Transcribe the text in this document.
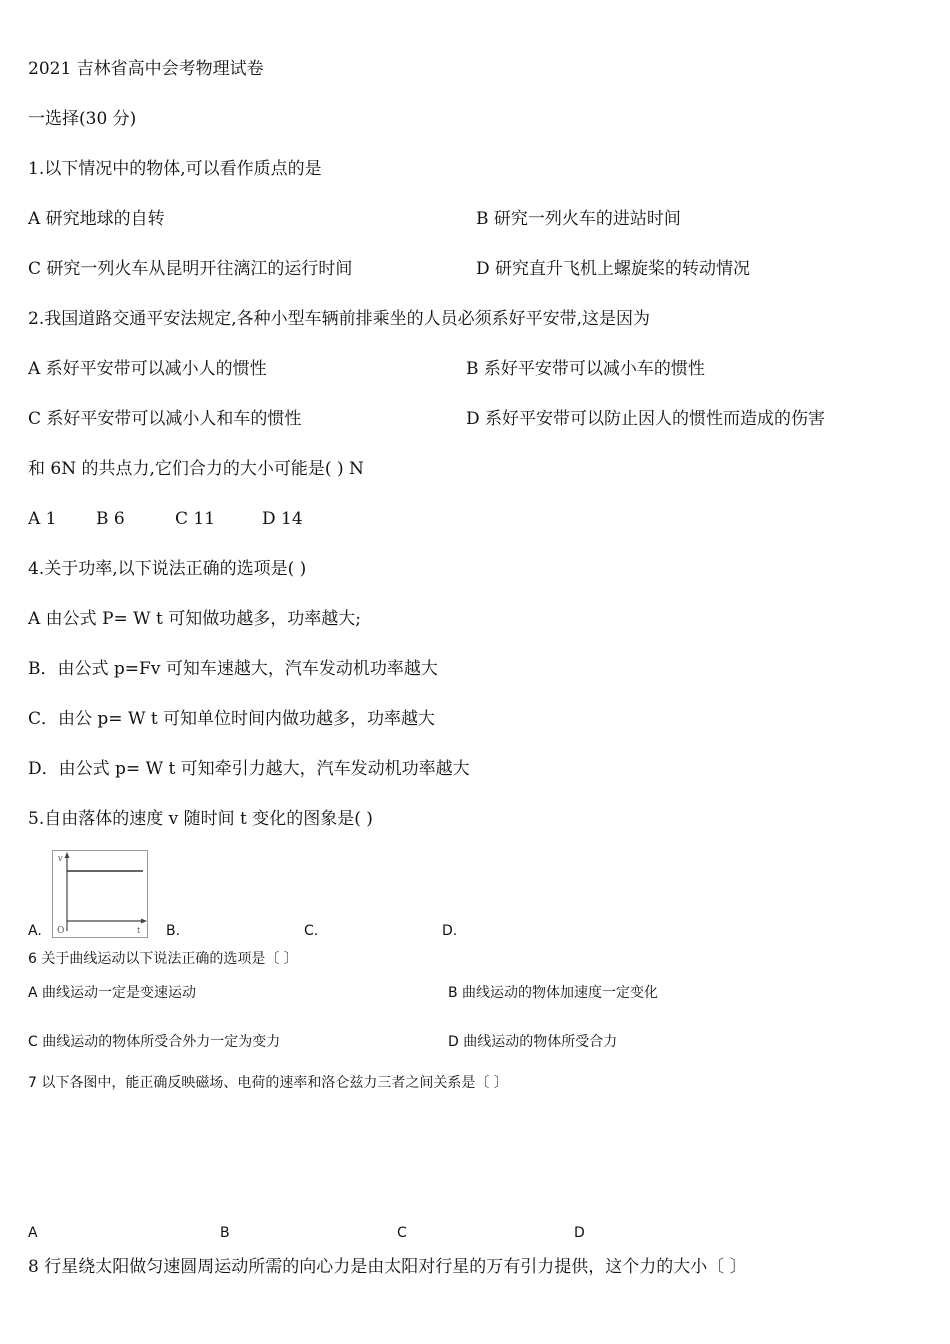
2021 吉林省高中会考物理试卷
一选择(30 分)
1.以下情况中的物体,可以看作质点的是
A 研究地球的自转	B 研究一列火车的进站时间
C 研究一列火车从昆明开往漓江的运行时间	D 研究直升飞机上螺旋桨的转动情况
2.我国道路交通平安法规定,各种小型车辆前排乘坐的人员必须系好平安带,这是因为
A 系好平安带可以减小人的惯性	B 系好平安带可以减小车的惯性
C 系好平安带可以减小人和车的惯性	D 系好平安带可以防止因人的惯性而造成的伤害
和 6N 的共点力,它们合力的大小可能是( ) N
A 1 B 6	C 11	D 14
4.关于功率,以下说法正确的选项是( )
A 由公式 P= W t 可知做功越多，功率越大;
B．由公式 p=Fv 可知车速越大，汽车发动机功率越大
C．由公 p= W t 可知单位时间内做功越多，功率越大
D．由公式 p= W t 可知牵引力越大，汽车发动机功率越大
5.自由落体的速度 v 随时间 t 变化的图象是( )
v
t
O
A.	B.	C.	D.
6 关于曲线运动以下说法正确的选项是〔 〕
A 曲线运动一定是变速运动	B 曲线运动的物体加速度一定变化
C 曲线运动的物体所受合外力一定为变力	D 曲线运动的物体所受合力
7 以下各图中，能正确反映磁场、电荷的速率和洛仑兹力三者之间关系是〔 〕
A	B	C	D
8 行星绕太阳做匀速圆周运动所需的向心力是由太阳对行星的万有引力提供，这个力的大小〔 〕
